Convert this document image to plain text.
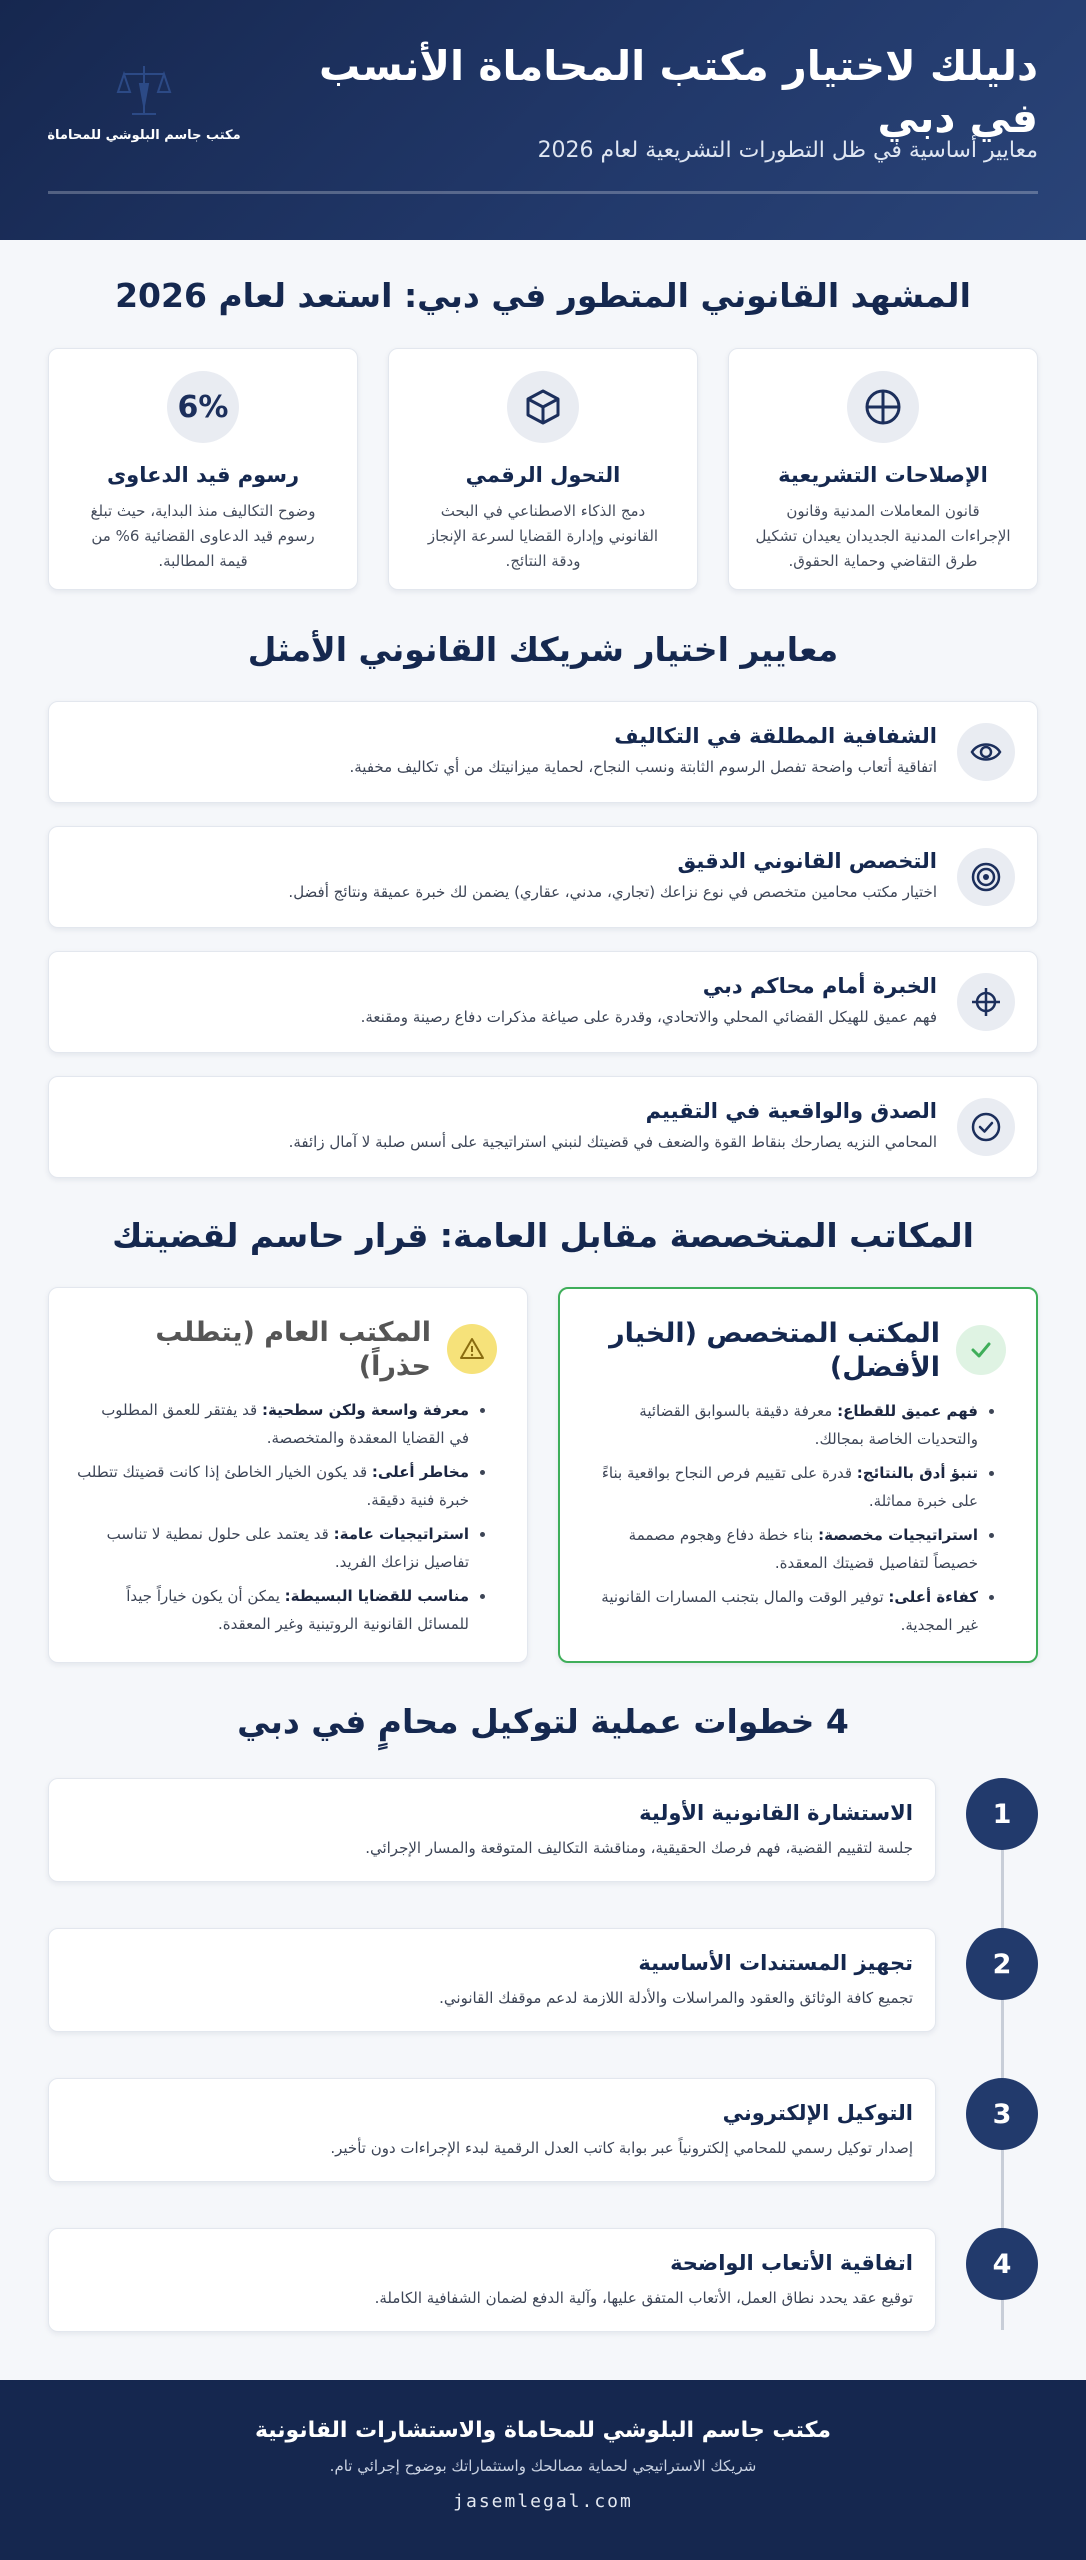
دليلك لاختيار مكتب المحاماة الأنسب في دبي
معايير أساسية في ظل التطورات التشريعية لعام 2026
مكتب جاسم البلوشي للمحاماة
المشهد القانوني المتطور في دبي: استعد لعام 2026
الإصلاحات التشريعية
قانون المعاملات المدنية وقانون الإجراءات المدنية الجديدان يعيدان تشكيل طرق التقاضي وحماية الحقوق.
التحول الرقمي
دمج الذكاء الاصطناعي في البحث القانوني وإدارة القضايا لسرعة الإنجاز ودقة النتائج.
6%
رسوم قيد الدعاوى
وضوح التكاليف منذ البداية، حيث تبلغ رسوم قيد الدعاوى القضائية 6% من قيمة المطالبة.
معايير اختيار شريكك القانوني الأمثل
الشفافية المطلقة في التكاليف
اتفاقية أتعاب واضحة تفصل الرسوم الثابتة ونسب النجاح، لحماية ميزانيتك من أي تكاليف مخفية.
التخصص القانوني الدقيق
اختيار مكتب محامين متخصص في نوع نزاعك (تجاري، مدني، عقاري) يضمن لك خبرة عميقة ونتائج أفضل.
الخبرة أمام محاكم دبي
فهم عميق للهيكل القضائي المحلي والاتحادي، وقدرة على صياغة مذكرات دفاع رصينة ومقنعة.
الصدق والواقعية في التقييم
المحامي النزيه يصارحك بنقاط القوة والضعف في قضيتك لنبني استراتيجية على أسس صلبة لا آمال زائفة.
المكاتب المتخصصة مقابل العامة: قرار حاسم لقضيتك
المكتب المتخصص (الخيار الأفضل)
• فهم عميق للقطاع: معرفة دقيقة بالسوابق القضائية والتحديات الخاصة بمجالك.
• تنبؤ أدق بالنتائج: قدرة على تقييم فرص النجاح بواقعية بناءً على خبرة مماثلة.
• استراتيجيات مخصصة: بناء خطة دفاع وهجوم مصممة خصيصاً لتفاصيل قضيتك المعقدة.
• كفاءة أعلى: توفير الوقت والمال بتجنب المسارات القانونية غير المجدية.
المكتب العام (يتطلب حذراً)
• معرفة واسعة ولكن سطحية: قد يفتقر للعمق المطلوب في القضايا المعقدة والمتخصصة.
• مخاطر أعلى: قد يكون الخيار الخاطئ إذا كانت قضيتك تتطلب خبرة فنية دقيقة.
• استراتيجيات عامة: قد يعتمد على حلول نمطية لا تناسب تفاصيل نزاعك الفريد.
• مناسب للقضايا البسيطة: يمكن أن يكون خياراً جيداً للمسائل القانونية الروتينية وغير المعقدة.
4 خطوات عملية لتوكيل محامٍ في دبي
1
الاستشارة القانونية الأولية
جلسة لتقييم القضية، فهم فرصك الحقيقية، ومناقشة التكاليف المتوقعة والمسار الإجرائي.
2
تجهيز المستندات الأساسية
تجميع كافة الوثائق والعقود والمراسلات والأدلة اللازمة لدعم موقفك القانوني.
3
التوكيل الإلكتروني
إصدار توكيل رسمي للمحامي إلكترونياً عبر بوابة كاتب العدل الرقمية لبدء الإجراءات دون تأخير.
4
اتفاقية الأتعاب الواضحة
توقيع عقد يحدد نطاق العمل، الأتعاب المتفق عليها، وآلية الدفع لضمان الشفافية الكاملة.
مكتب جاسم البلوشي للمحاماة والاستشارات القانونية
شريكك الاستراتيجي لحماية مصالحك واستثماراتك بوضوح إجرائي تام.
jasemlegal.com
